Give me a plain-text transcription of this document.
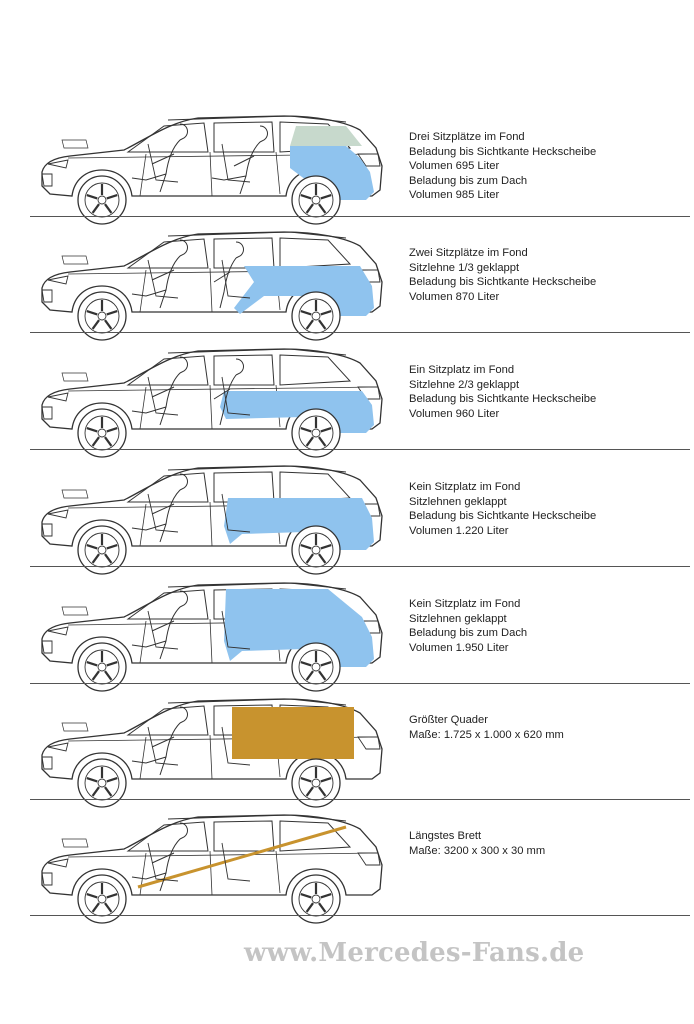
Drei Sitzplätze im Fond
Beladung bis Sichtkante Heckscheibe
Volumen 695 Liter
Beladung bis zum Dach
Volumen 985 Liter
Zwei Sitzplätze im Fond
Sitzlehne 1/3 geklappt
Beladung bis Sichtkante Heckscheibe
Volumen 870 Liter
Ein Sitzplatz im Fond
Sitzlehne 2/3 geklappt
Beladung bis Sichtkante Heckscheibe
Volumen 960 Liter
Kein Sitzplatz im Fond
Sitzlehnen geklappt
Beladung bis Sichtkante Heckscheibe
Volumen 1.220 Liter
Kein Sitzplatz im Fond
Sitzlehnen geklappt
Beladung bis zum Dach
Volumen 1.950 Liter
Größter Quader
Maße: 1.725 x 1.000 x 620 mm
Längstes Brett
Maße: 3200 x 300 x 30 mm
www.Mercedes-Fans.de
